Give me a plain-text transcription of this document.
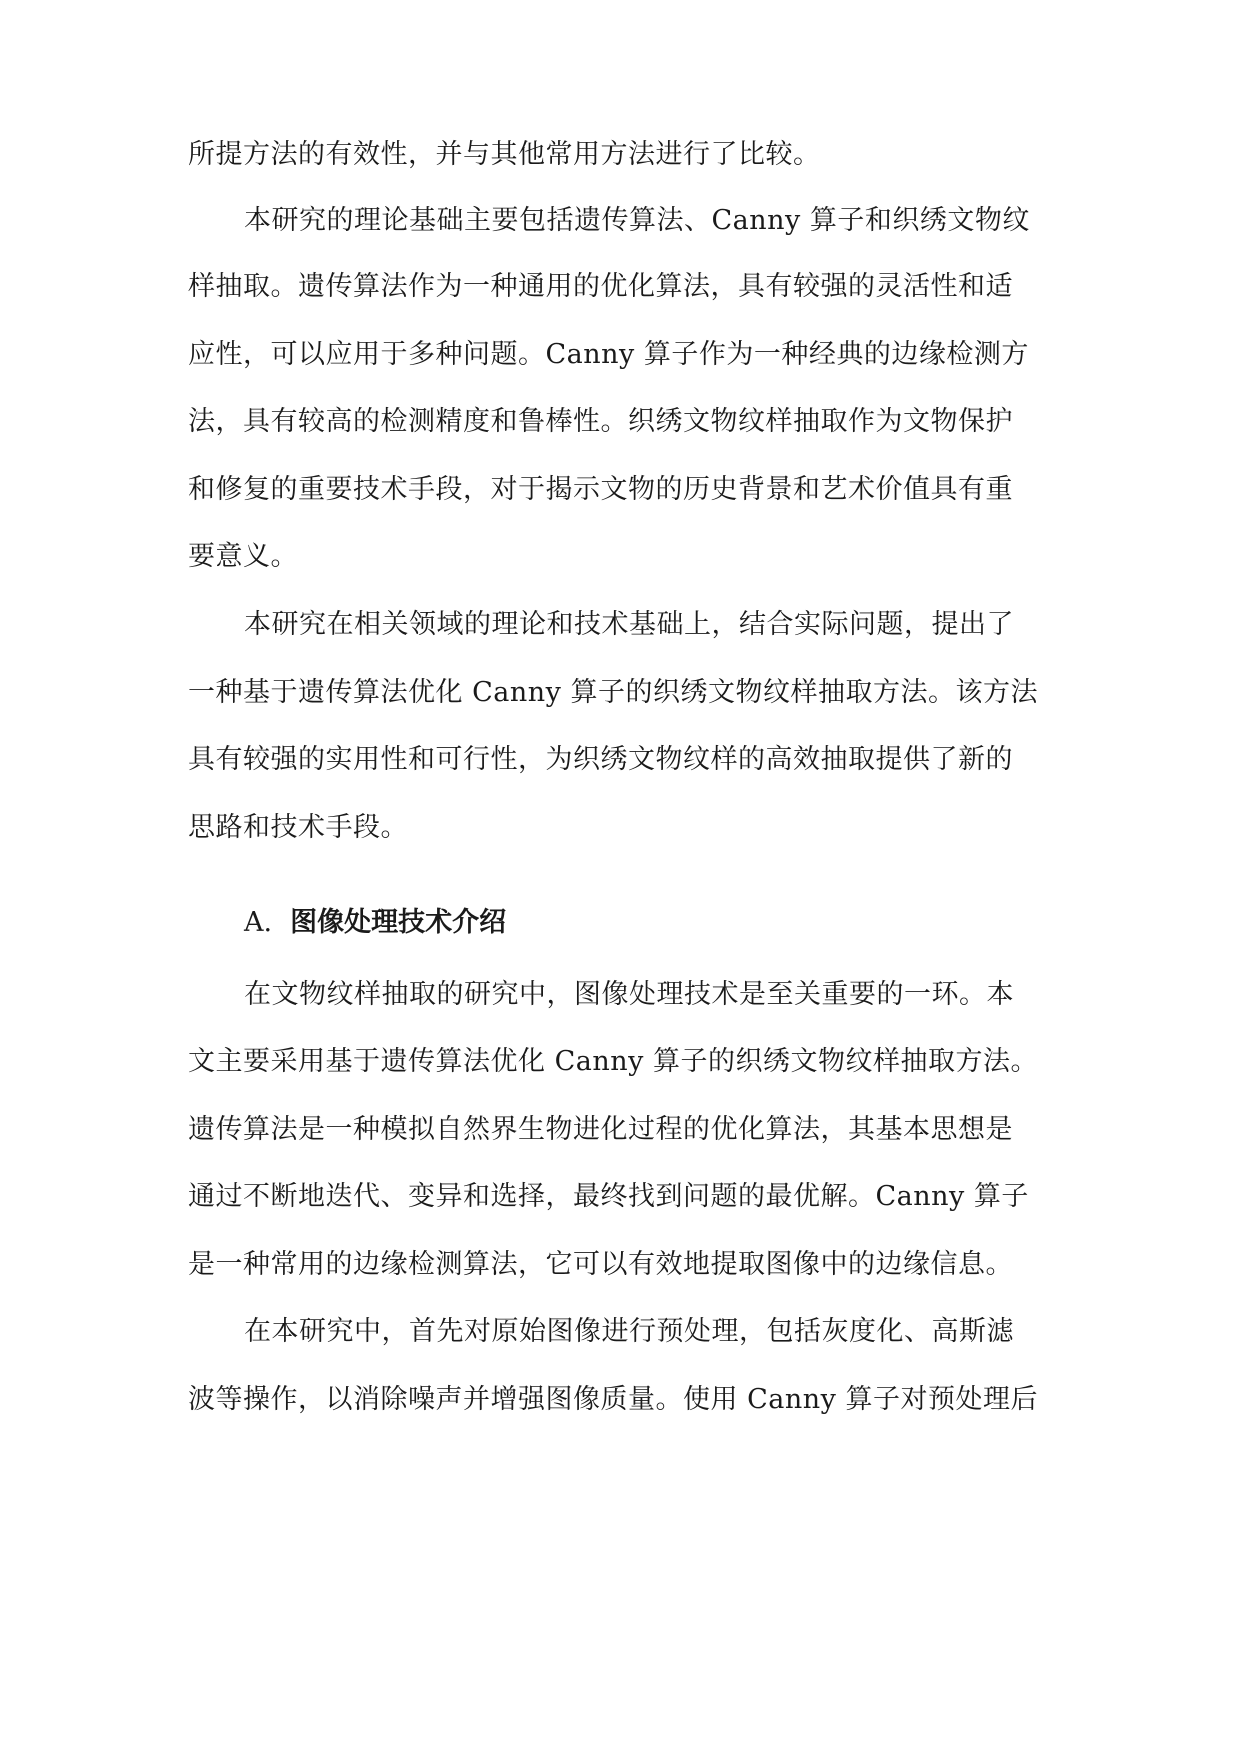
所提方法的有效性，并与其他常用方法进行了比较。
本研究的理论基础主要包括遗传算法、Canny 算子和织绣文物纹
样抽取。遗传算法作为一种通用的优化算法，具有较强的灵活性和适
应性，可以应用于多种问题。Canny 算子作为一种经典的边缘检测方
法，具有较高的检测精度和鲁棒性。织绣文物纹样抽取作为文物保护
和修复的重要技术手段，对于揭示文物的历史背景和艺术价值具有重
要意义。
本研究在相关领域的理论和技术基础上，结合实际问题，提出了
一种基于遗传算法优化 Canny 算子的织绣文物纹样抽取方法。该方法
具有较强的实用性和可行性，为织绣文物纹样的高效抽取提供了新的
思路和技术手段。
A. 图像处理技术介绍
在文物纹样抽取的研究中，图像处理技术是至关重要的一环。本
文主要采用基于遗传算法优化 Canny 算子的织绣文物纹样抽取方法。
遗传算法是一种模拟自然界生物进化过程的优化算法，其基本思想是
通过不断地迭代、变异和选择，最终找到问题的最优解。Canny 算子
是一种常用的边缘检测算法，它可以有效地提取图像中的边缘信息。
在本研究中，首先对原始图像进行预处理，包括灰度化、高斯滤
波等操作，以消除噪声并增强图像质量。使用 Canny 算子对预处理后
